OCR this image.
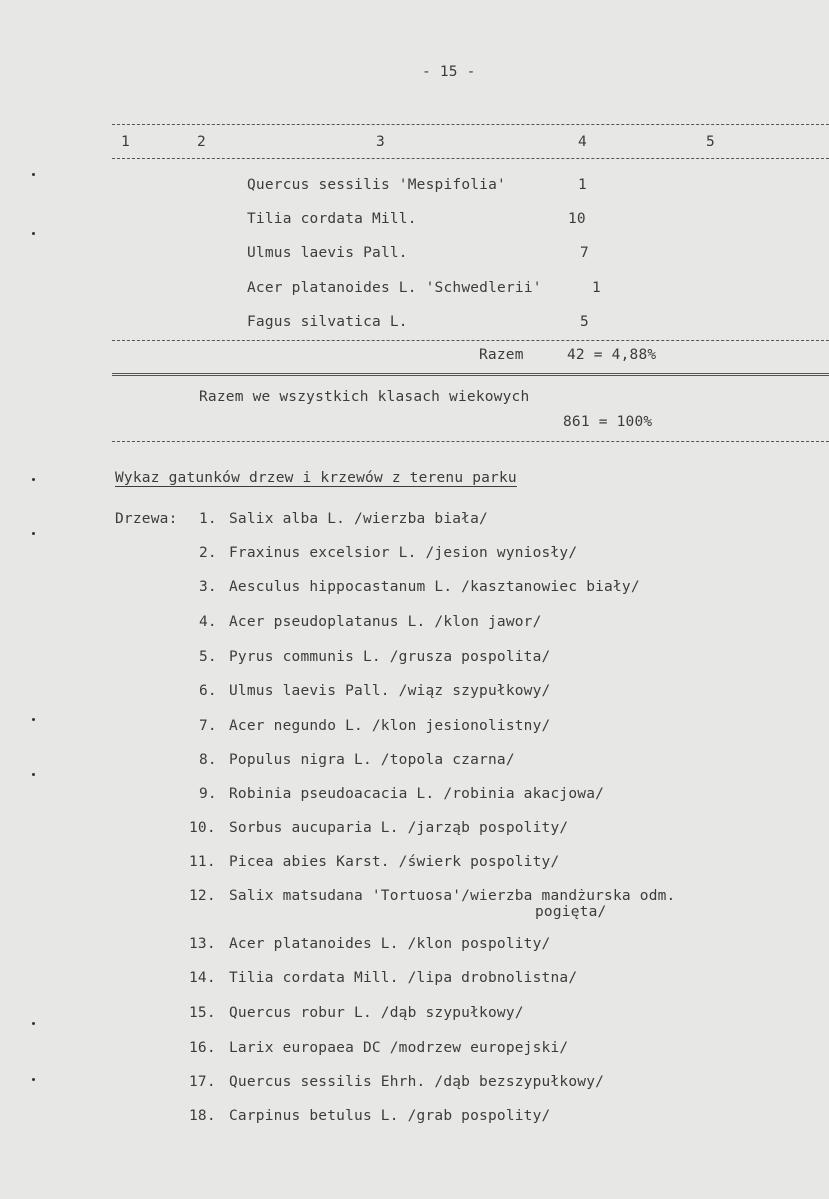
- 15 -
1	2	3	4	5
Quercus sessilis 'Mespifolia'	1
Tilia cordata Mill.	10
Ulmus laevis Pall.	7
Acer platanoides L. 'Schwedlerii'	1
Fagus silvatica L.	5
Razem	42 = 4,88%
Razem we wszystkich klasach wiekowych
861 = 100%
Wykaz gatunków drzew i krzewów z terenu parku
Drzewa: 1. Salix alba L. /wierzba biała/
2. Fraxinus excelsior L. /jesion wyniosły/
3. Aesculus hippocastanum L. /kasztanowiec biały/
4. Acer pseudoplatanus L. /klon jawor/
5. Pyrus communis L. /grusza pospolita/
6. Ulmus laevis Pall. /wiąz szypułkowy/
7. Acer negundo L. /klon jesionolistny/
8. Populus nigra L. /topola czarna/
9. Robinia pseudoacacia L. /robinia akacjowa/
10. Sorbus aucuparia L. /jarząb pospolity/
11. Picea abies Karst. /świerk pospolity/
12. Salix matsudana 'Tortuosa'/wierzba mandżurska odm.
pogięta/
13. Acer platanoides L. /klon pospolity/
14. Tilia cordata Mill. /lipa drobnolistna/
15. Quercus robur L. /dąb szypułkowy/
16. Larix europaea DC /modrzew europejski/
17. Quercus sessilis Ehrh. /dąb bezszypułkowy/
18. Carpinus betulus L. /grab pospolity/
